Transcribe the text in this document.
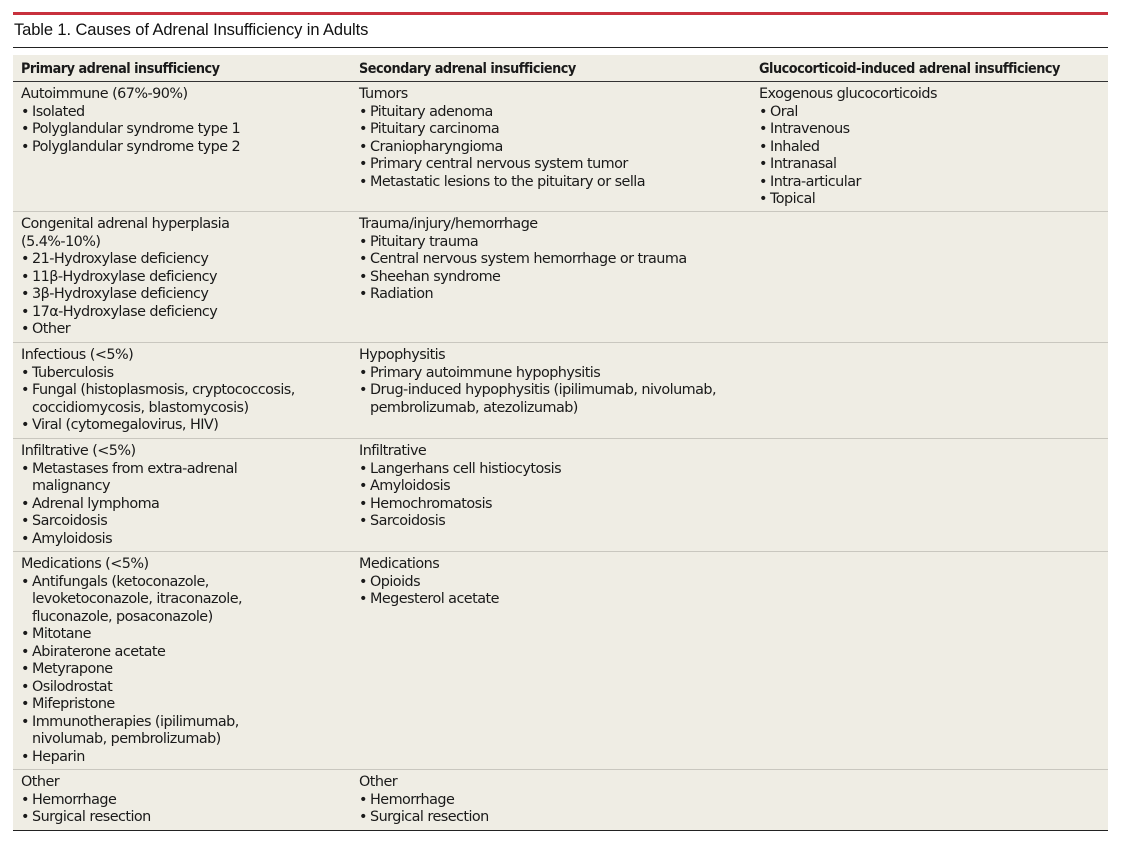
Table 1. Causes of Adrenal Insufficiency in Adults
Primary adrenal insufficiency	Secondary adrenal insufficiency	Glucocorticoid-induced adrenal insufficiency
Autoimmune (67%-90%)
• Isolated
• Polyglandular syndrome type 1
• Polyglandular syndrome type 2
Tumors
• Pituitary adenoma
• Pituitary carcinoma
• Craniopharyngioma
• Primary central nervous system tumor
• Metastatic lesions to the pituitary or sella
Exogenous glucocorticoids
• Oral
• Intravenous
• Inhaled
• Intranasal
• Intra-articular
• Topical
Congenital adrenal hyperplasia
(5.4%-10%)
• 21-Hydroxylase deficiency
• 11β-Hydroxylase deficiency
• 3β-Hydroxylase deficiency
• 17α-Hydroxylase deficiency
• Other
Trauma/injury/hemorrhage
• Pituitary trauma
• Central nervous system hemorrhage or trauma
• Sheehan syndrome
• Radiation
Infectious (<5%)
• Tuberculosis
• Fungal (histoplasmosis, cryptococcosis,
coccidiomycosis, blastomycosis)
• Viral (cytomegalovirus, HIV)
Hypophysitis
• Primary autoimmune hypophysitis
• Drug-induced hypophysitis (ipilimumab, nivolumab,
pembrolizumab, atezolizumab)
Infiltrative (<5%)
• Metastases from extra-adrenal
malignancy
• Adrenal lymphoma
• Sarcoidosis
• Amyloidosis
Infiltrative
• Langerhans cell histiocytosis
• Amyloidosis
• Hemochromatosis
• Sarcoidosis
Medications (<5%)
• Antifungals (ketoconazole,
levoketoconazole, itraconazole,
fluconazole, posaconazole)
• Mitotane
• Abiraterone acetate
• Metyrapone
• Osilodrostat
• Mifepristone
• Immunotherapies (ipilimumab,
nivolumab, pembrolizumab)
• Heparin
Medications
• Opioids
• Megesterol acetate
Other
• Hemorrhage
• Surgical resection
Other
• Hemorrhage
• Surgical resection
